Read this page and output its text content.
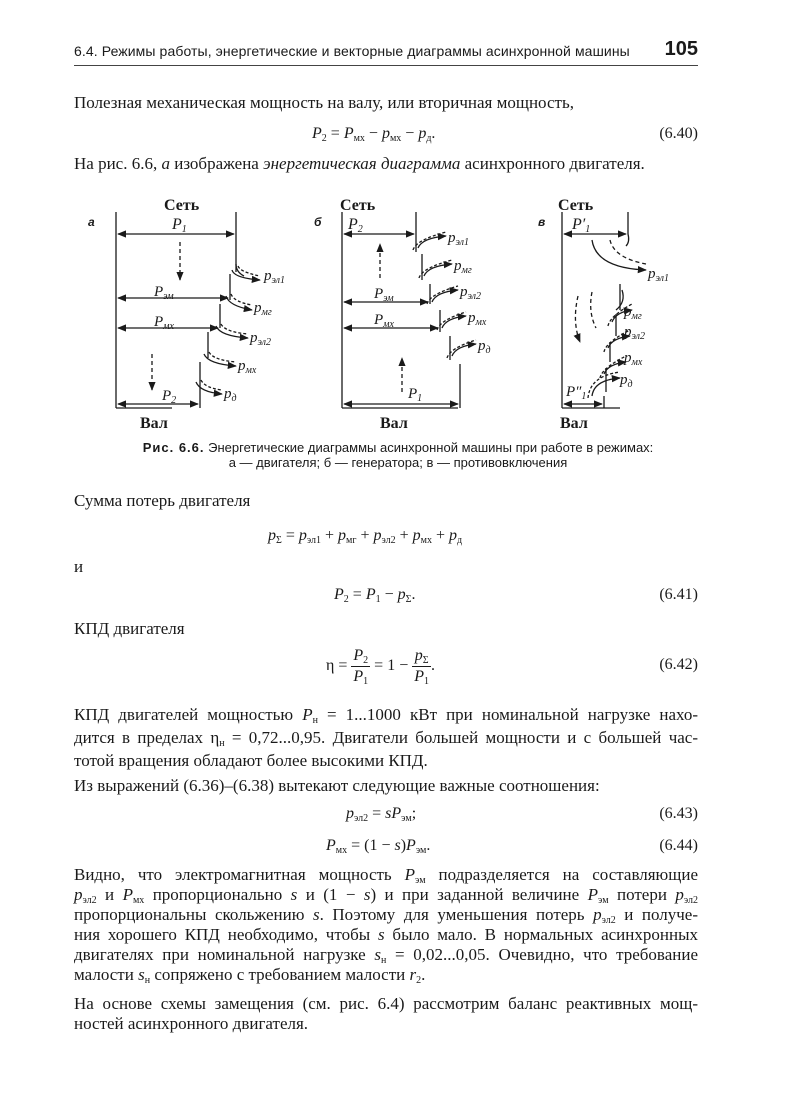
6.4. Режимы работы, энергетические и векторные диаграммы асинхронной машины 105
Полезная механическая мощность на валу, или вторичная мощность,
$P_2 = P_{мх} - p_{мх} - p_д$.	(6.40)
На рис. 6.6, а изображена энергетическая диаграмма асинхронного двигателя.
а
Сеть
P1
$P_{эм}$
$P_{мх}$
$P_2$
$p_{эл1}$
$p_{мг}$
$p_{эл2}$
$p_{мх}$
$p_д$
Вал
б
Сеть
P2
$P_{эм}$
$P_{мх}$
$P_1$
$p_{эл1}$
$p_{мг}$
$p_{эл2}$
$p_{мх}$
$p_д$
Вал
в
Сеть
P′1
$p_{эл1}$
$p_{мг}$
$p_{эл2}$
$p_{мх}$
$p_д$
$P''_1$
Вал
Рис. 6.6. Энергетические диаграммы асинхронной машины при работе в режимах:
а — двигателя; б — генератора; в — противовключения
Сумма потерь двигателя
$p_\Sigma = p_{эл1} + p_{мг} + p_{эл2} + p_{мх} + p_д$
и
$P_2 = P_1 - p_\Sigma$.	(6.41)
КПД двигателя
$\eta = \frac{P_2}{P_1} = 1 - \frac{p_\Sigma}{P_1}$ .	(6.42)
КПД двигателей мощностью $P_н = 1...1000$ кВт при номинальной нагрузке нахо-
дится в пределах $\eta_н = 0,72...0,95$. Двигатели большей мощности и с большей час-
тотой вращения обладают более высокими КПД.
Из выражений (6.36)–(6.38) вытекают следующие важные соотношения:
$p_{эл2} = sP_{эм}$;	(6.43)
$P_{мх} = (1 - s)P_{эм}$.	(6.44)
Видно, что электромагнитная мощность $P_{эм}$ подразделяется на составляющие
$p_{эл2}$ и $P_{мх}$ пропорционально s и (1 − s) и при заданной величине $P_{эм}$ потери $p_{эл2}$
пропорциональны скольжению s. Поэтому для уменьшения потерь $p_{эл2}$ и получе-
ния хорошего КПД необходимо, чтобы s было мало. В нормальных асинхронных
двигателях при номинальной нагрузке $s_н = 0,02...0,05$. Очевидно, что требование
малости $s_н$ сопряжено с требованием малости $r_2$.
На основе схемы замещения (см. рис. 6.4) рассмотрим баланс реактивных мощ-
ностей асинхронного двигателя.
